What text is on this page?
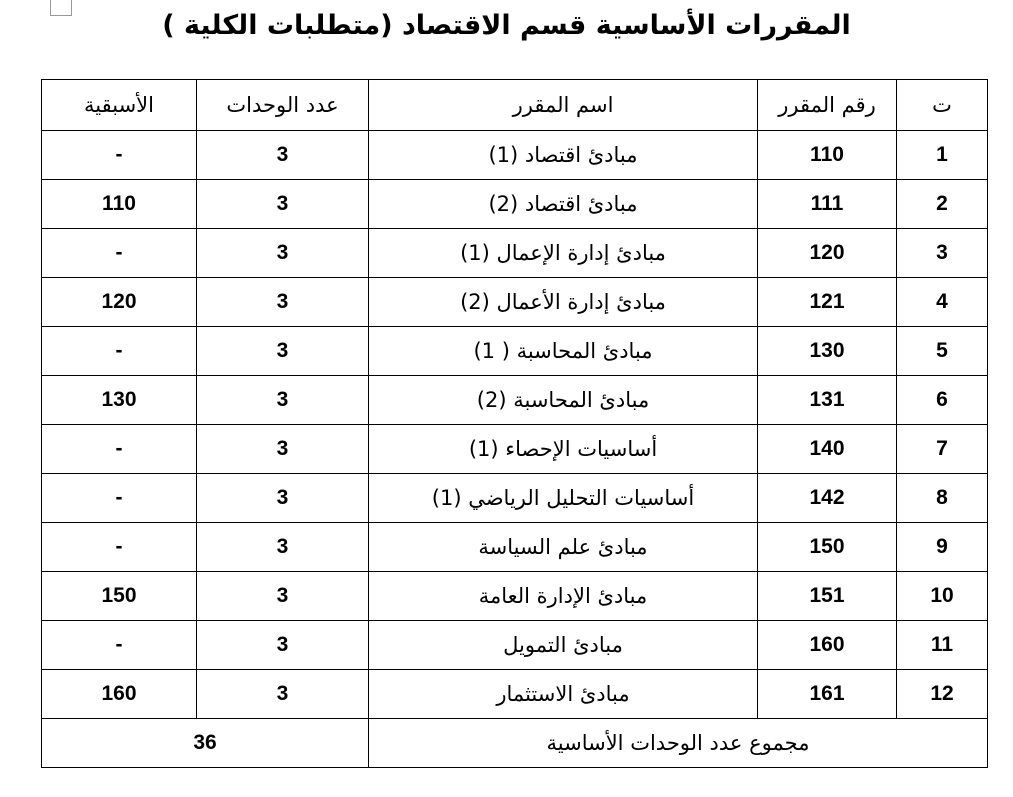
المقررات الأساسية قسم الاقتصاد (متطلبات الكلية )
ت	رقم المقرر	اسم المقرر	عدد الوحدات	الأسبقية
1	110	مبادئ اقتصاد (1)	3	-
2	111	مبادئ اقتصاد (2)	3	110
3	120	مبادئ إدارة الإعمال (1)	3	-
4	121	مبادئ إدارة الأعمال (2)	3	120
5	130	مبادئ المحاسبة ( 1)	3	-
6	131	مبادئ المحاسبة (2)	3	130
7	140	أساسيات الإحصاء (1)	3	-
8	142	أساسيات التحليل الرياضي (1)	3	-
9	150	مبادئ علم السياسة	3	-
10	151	مبادئ الإدارة العامة	3	150
11	160	مبادئ التمويل	3	-
12	161	مبادئ الاستثمار	3	160
مجموع عدد الوحدات الأساسية			36	
